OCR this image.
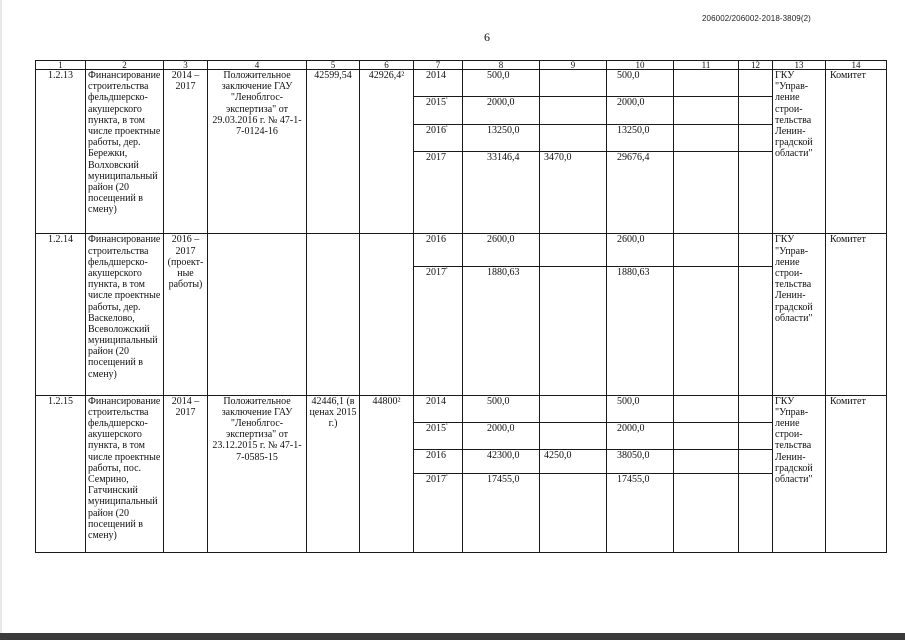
206002/206002-2018-3809(2)
6
1	2	3	4	5	6	7	8	9	10	11	12	13	14
1.2.13	Финансирование строительства фельдшерско-акушерского пункта, в том числе проектные работы, дер. Бережки, Волховский муниципальный район (20 посещений в смену)	2014 – 2017	Положительное заключение ГАУ "Леноблгос-экспертиза" от 29.03.2016 г. № 47-1-7-0124-16	42599,54	42926,4²	2014	500,0		500,0			ГКУ "Управ-ление строи-тельства Ленин-градской области"	Комитет
						$2015^{^1}$	2000,0		2000,0				
						$2016^{^1}$	13250,0		13250,0				
						2017	33146,4	3470,0	29676,4				
1.2.14	Финансирование строительства фельдшерско-акушерского пункта, в том числе проектные работы, дер. Васкелово, Всеволожский муниципальный район (20 посещений в смену)	2016 – 2017 (проект-ные работы)				2016	2600,0		2600,0			ГКУ "Управ-ление строи-тельства Ленин-градской области"	Комитет
						$2017^{^1}$	1880,63		1880,63				
1.2.15	Финансирование строительства фельдшерско-акушерского пункта, в том числе проектные работы, пос. Семрино, Гатчинский муниципальный район (20 посещений в смену)	2014 – 2017	Положительное заключение ГАУ "Леноблгос-экспертиза" от 23.12.2015 г. № 47-1-7-0585-15	42446,1 (в ценах 2015 г.)	44800²	2014	500,0		500,0			ГКУ "Управ-ление строи-тельства Ленин-градской области"	Комитет
						$2015^{^1}$	2000,0		2000,0				
						2016	42300,0	4250,0	38050,0				
						$2017^{^1}$	17455,0		17455,0				
